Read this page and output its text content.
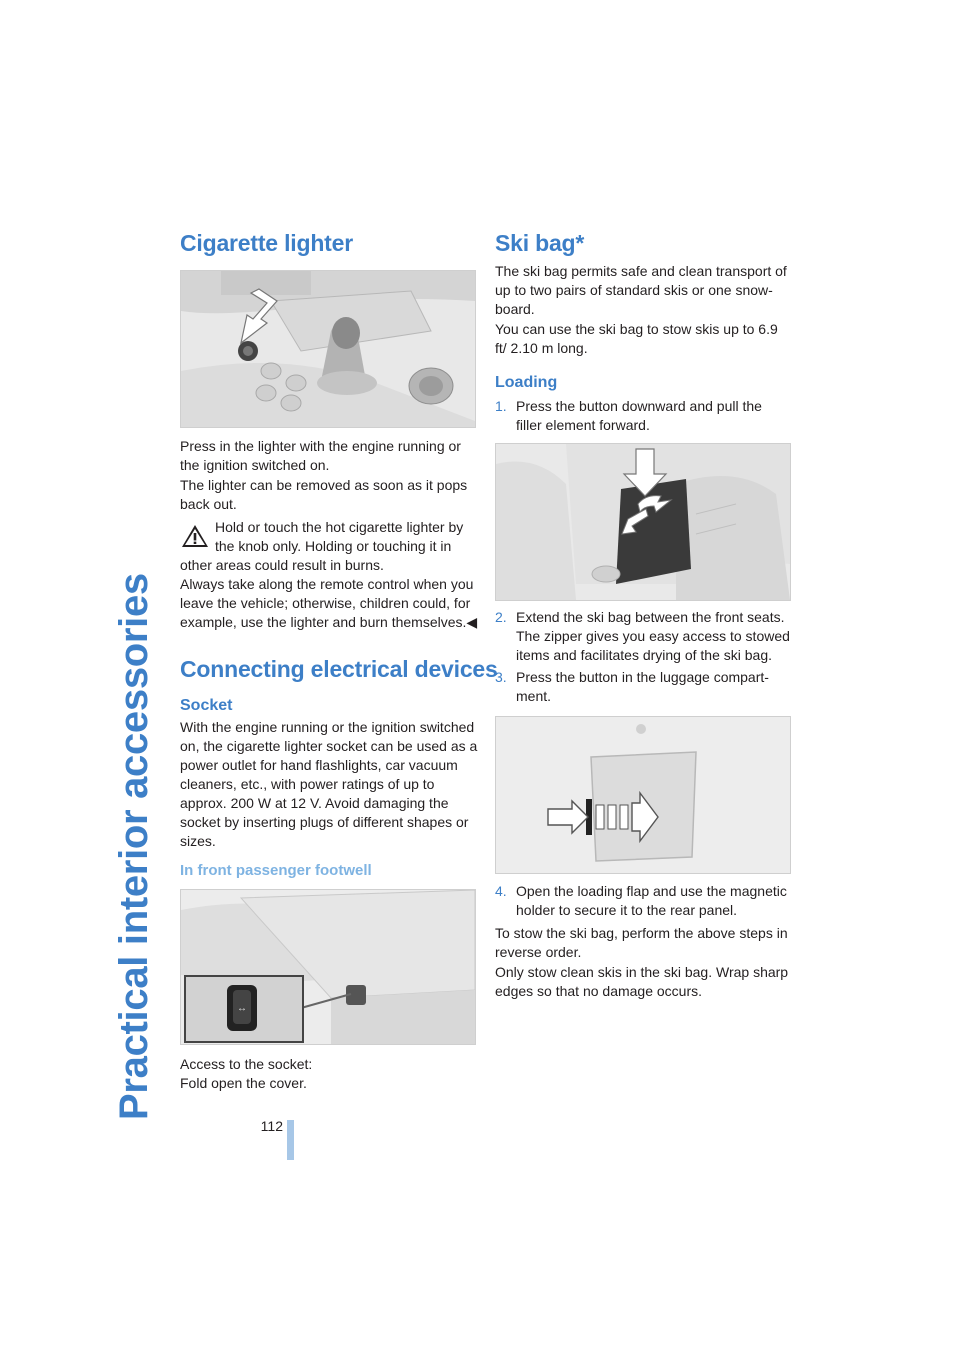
Practical interior accessories
Cigarette lighter

Press in the lighter with the engine running or the ignition switched on.

The lighter can be removed as soon as it pops back out.

Hold or touch the hot cigarette lighter by

the knob only. Holding or touching it in

other areas could result in burns.

Always take along the remote control when you

leave the vehicle; otherwise, children could, for

example, use the lighter and burn themselves.◀

Connecting electrical devices
Socket

With the engine running or the ignition switched on, the cigarette lighter socket can be used as a power outlet for hand flashlights, car vacuum cleaners, etc., with power ratings of up to approx. 200 W at 12 V. Avoid damaging the socket by inserting plugs of different shapes or sizes.

In front passenger footwell
↔

Access to the socket:

Fold open the cover.

Ski bag*

The ski bag permits safe and clean transport of up to two pairs of standard skis or one snow-board.

You can use the ski bag to stow skis up to 6.9 ft/ 2.10 m long.

Loading
1. Press the button downward and pull the filler element forward.
2. Extend the ski bag between the front seats. The zipper gives you easy access to stowed items and facilitates drying of the ski bag.
3. Press the button in the luggage compart-ment.
4. Open the loading flap and use the magnetic holder to secure it to the rear panel.

To stow the ski bag, perform the above steps in reverse order.

Only stow clean skis in the ski bag. Wrap sharp edges so that no damage occurs.

112
